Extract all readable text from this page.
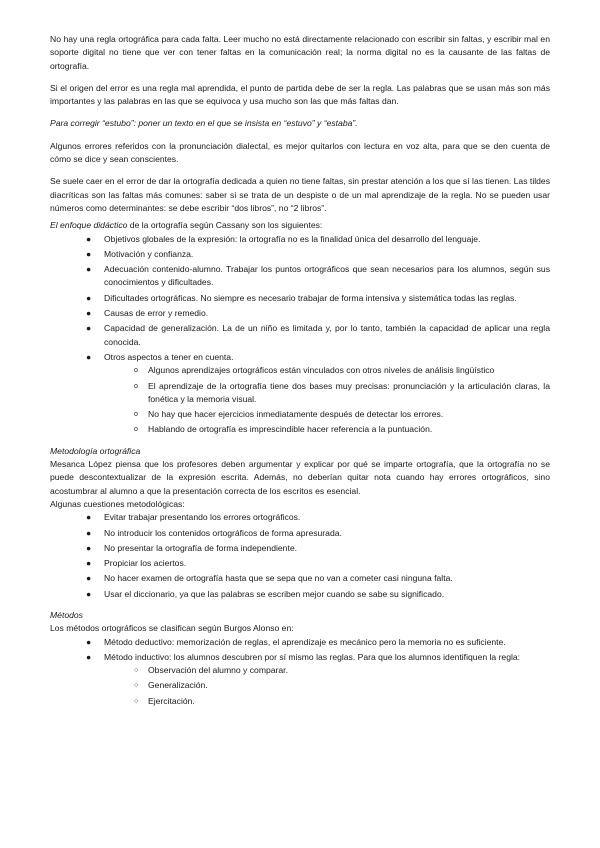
No hay una regla ortográfica para cada falta. Leer mucho no está directamente relacionado con escribir sin faltas, y escribir mal en soporte digital no tiene que ver con tener faltas en la comunicación real; la norma digital no es la causante de las faltas de ortografía.

Si el origen del error es una regla mal aprendida, el punto de partida debe de ser la regla. Las palabras que se usan más son más importantes y las palabras en las que se equivoca y usa mucho son las que más faltas dan.

Para corregir “estubo”: poner un texto en el que se insista en “estuvo” y “estaba”.

Algunos errores referidos con la pronunciación dialectal, es mejor quitarlos con lectura en voz alta, para que se den cuenta de cómo se dice y sean conscientes.

Se suele caer en el error de dar la ortografía dedicada a quien no tiene faltas, sin prestar atención a los que sí las tienen. Las tildes diacríticas son las faltas más comunes: saber si se trata de un despiste o de un mal aprendizaje de la regla. No se pueden usar números como determinantes: se debe escribir “dos libros”, no “2 libros”.

El enfoque didáctico de la ortografía según Cassany son los siguientes:

● Objetivos globales de la expresión: la ortografía no es la finalidad única del desarrollo del lenguaje.
● Motivación y confianza.
● Adecuación contenido-alumno. Trabajar los puntos ortográficos que sean necesarios para los alumnos, según sus conocimientos y dificultades.
● Dificultades ortográficas. No siempre es necesario trabajar de forma intensiva y sistemática todas las reglas.
● Causas de error y remedio.
● Capacidad de generalización. La de un niño es limitada y, por lo tanto, también la capacidad de aplicar una regla conocida.
● Otros aspectos a tener en cuenta.
o Algunos aprendizajes ortográficos están vinculados con otros niveles de análisis lingüístico
o El aprendizaje de la ortografía tiene dos bases muy precisas: pronunciación y la articulación claras, la fonética y la memoria visual.
o No hay que hacer ejercicios inmediatamente después de detectar los errores.
o Hablando de ortografía es imprescindible hacer referencia a la puntuación.

Metodología ortográfica

Mesanca López piensa que los profesores deben argumentar y explicar por qué se imparte ortografía, que la ortografía no se puede descontextualizar de la expresión escrita. Además, no deberían quitar nota cuando hay errores ortográficos, sino acostumbrar al alumno a que la presentación correcta de los escritos es esencial.

Algunas cuestiones metodológicas:

● Evitar trabajar presentando los errores ortográficos.
● No introducir los contenidos ortográficos de forma apresurada.
● No presentar la ortografía de forma independiente.
● Propiciar los aciertos.
● No hacer examen de ortografía hasta que se sepa que no van a cometer casi ninguna falta.
● Usar el diccionario, ya que las palabras se escriben mejor cuando se sabe su significado.

Métodos

Los métodos ortográficos se clasifican según Burgos Alonso en:

● Método deductivo: memorización de reglas, el aprendizaje es mecánico pero la memoria no es suficiente.
● Método inductivo: los alumnos descubren por sí mismo las reglas. Para que los alumnos identifiquen la regla:
○ Observación del alumno y comparar.
○ Generalización.
○ Ejercitación.
